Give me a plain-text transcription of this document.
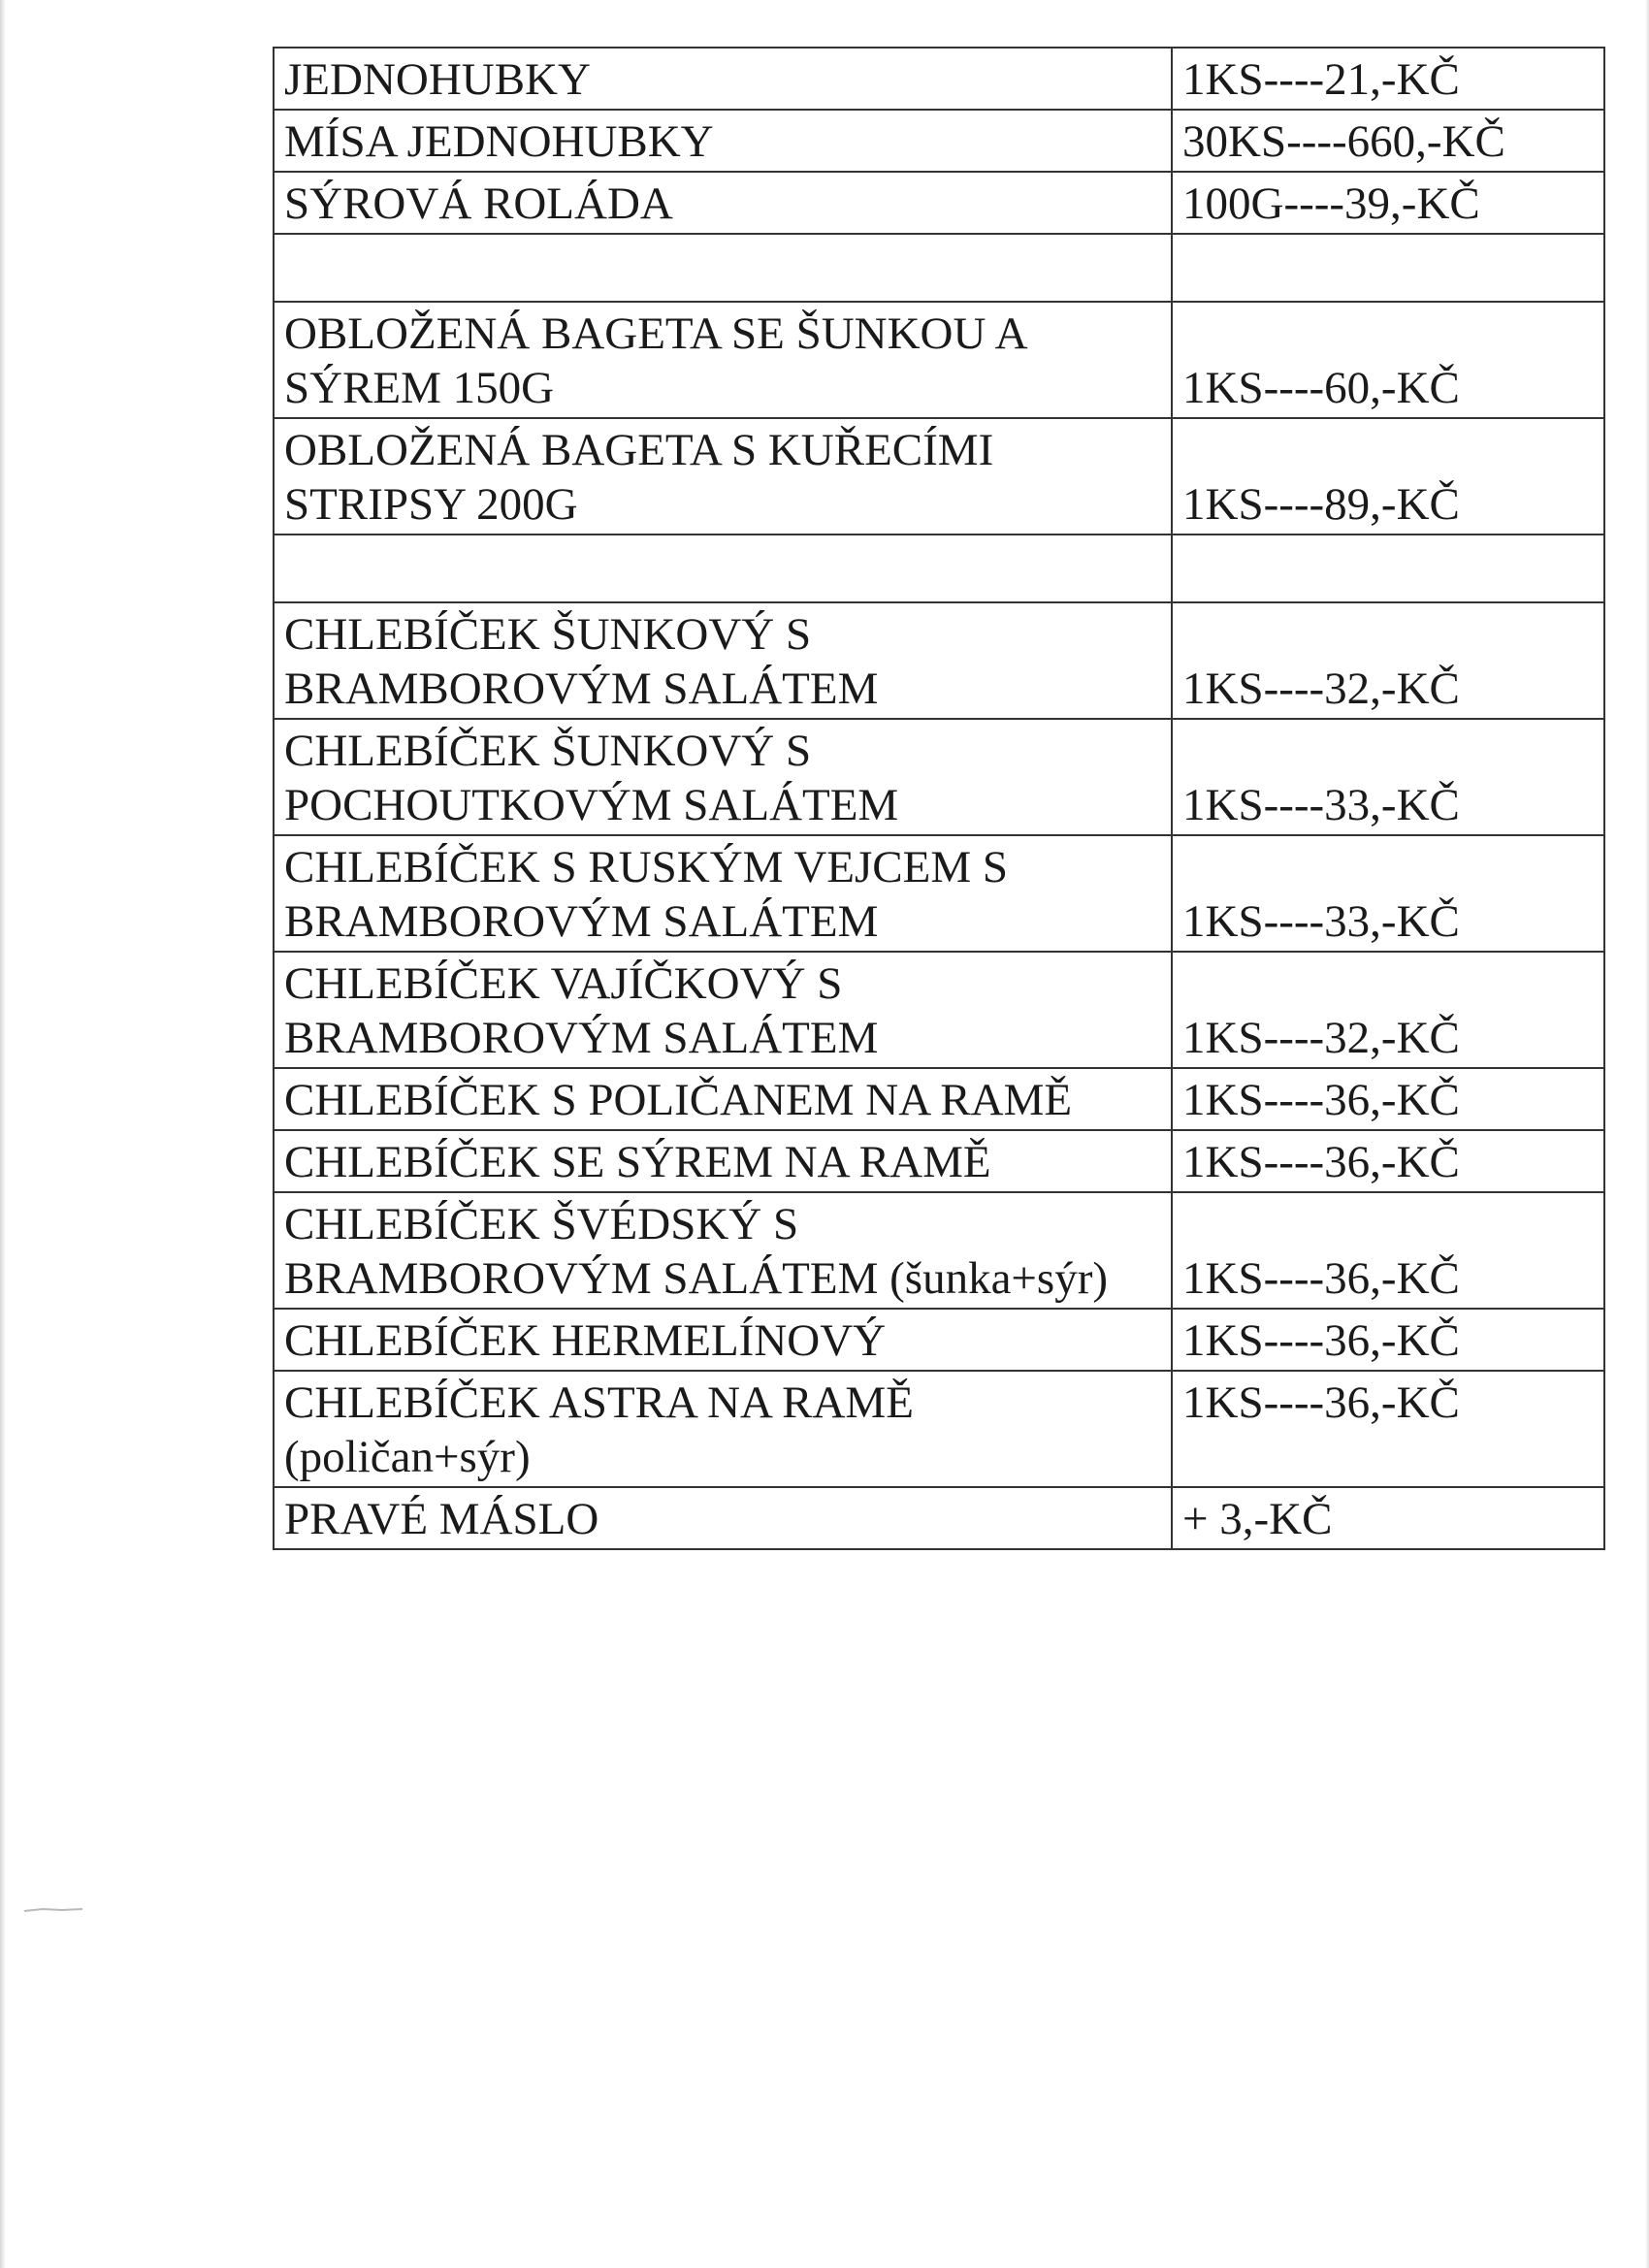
JEDNOHUBKY	1KS----21,-KČ

MÍSA JEDNOHUBKY	30KS----660,-KČ

SÝROVÁ ROLÁDA	100G----39,-KČ

OBLOŽENÁ BAGETA SE ŠUNKOU A
SÝREM 150G	1KS----60,-KČ

OBLOŽENÁ BAGETA S KUŘECÍMI
STRIPSY 200G	1KS----89,-KČ

CHLEBÍČEK ŠUNKOVÝ S
BRAMBOROVÝM SALÁTEM	1KS----32,-KČ

CHLEBÍČEK ŠUNKOVÝ S
POCHOUTKOVÝM SALÁTEM	1KS----33,-KČ

CHLEBÍČEK S RUSKÝM VEJCEM S
BRAMBOROVÝM SALÁTEM	1KS----33,-KČ

CHLEBÍČEK VAJÍČKOVÝ S
BRAMBOROVÝM SALÁTEM	1KS----32,-KČ

CHLEBÍČEK S POLIČANEM NA RAMĚ	1KS----36,-KČ

CHLEBÍČEK SE SÝREM NA RAMĚ	1KS----36,-KČ

CHLEBÍČEK ŠVÉDSKÝ S
BRAMBOROVÝM SALÁTEM (šunka+sýr)	1KS----36,-KČ

CHLEBÍČEK HERMELÍNOVÝ	1KS----36,-KČ

CHLEBÍČEK ASTRA NA RAMĚ
(poličan+sýr)	1KS----36,-KČ

PRAVÉ MÁSLO	+ 3,-KČ
